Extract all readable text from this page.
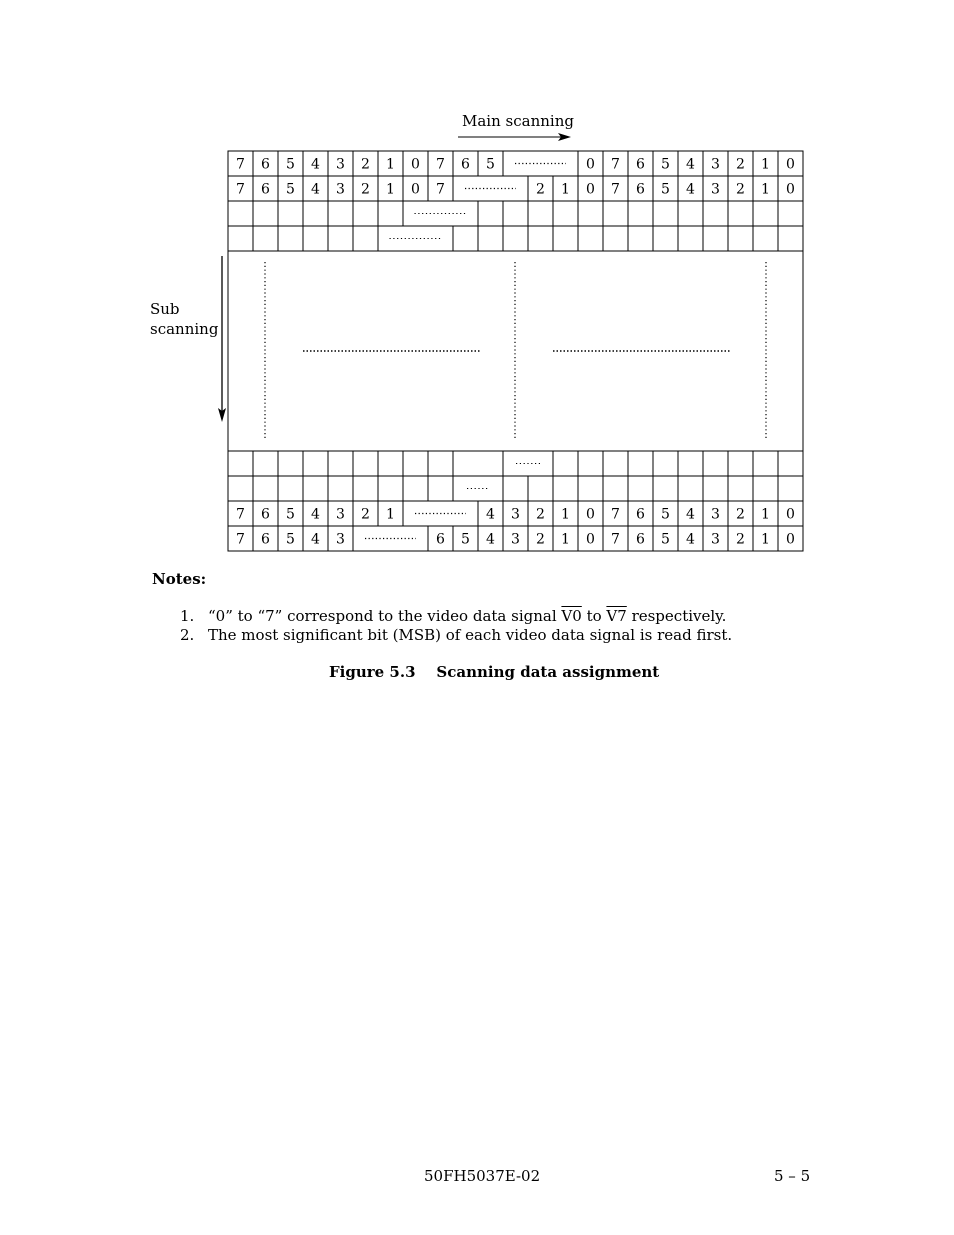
Main scanning
Sub
scanning
7 6 5 4 3 2 1 0 7 6 5	0 7 6 5 4 3 2 1 0
7 6 5 4 3 2 1 0 7	2 1 0 7 6 5 4 3 2 1 0
7 6 5 4 3 2 1	4 3 2 1 0 7 6 5 4 3 2 1 0
7 6 5 4 3	6 5 4 3 2 1 0 7 6 5 4 3 2 1 0
Notes:
1. “0” to “7” correspond to the video data signal V0 to V7 respectively.
2. The most significant bit (MSB) of each video data signal is read first.
Figure 5.3    Scanning data assignment
50FH5037E-02	5 – 5
